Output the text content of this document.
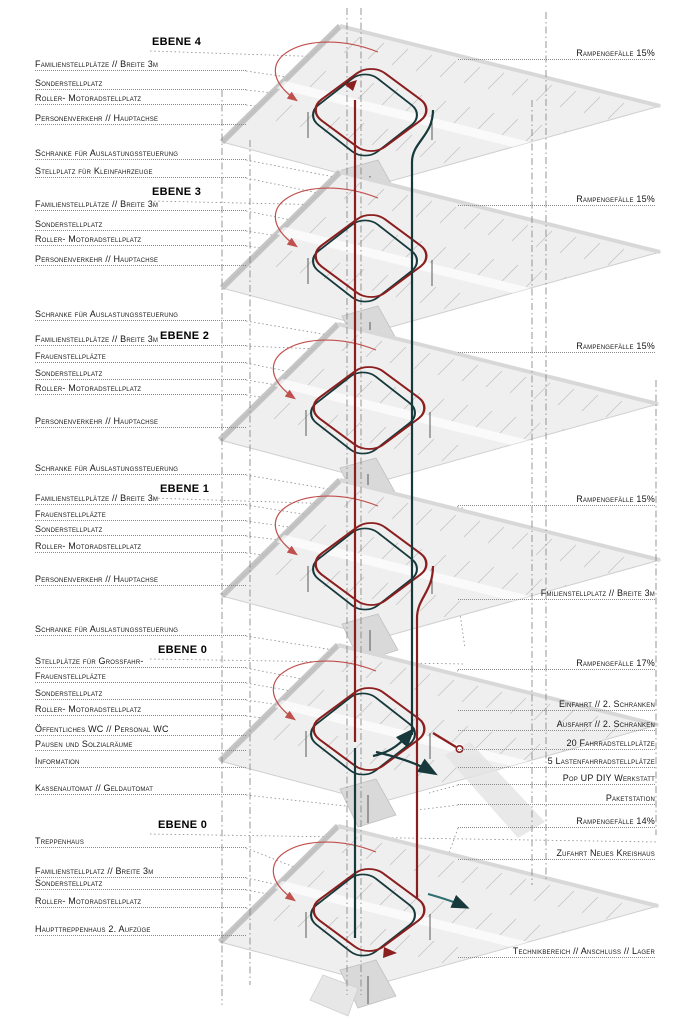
EBENE 4
EBENE 3
EBENE 2
EBENE 1
EBENE 0
EBENE 0
Familienstellplätze // Breite 3m
Sonderstellplatz
Roller- Motoradstellplatz
Personenverkehr // Hauptachse
Schranke für Auslastungssteuerung
Stellplatz für Kleinfahrzeuge
Familienstellplätze // Breite 3m
Sonderstellplatz
Roller- Motoradstellplatz
Personenverkehr // Hauptachse
Schranke für Auslastungssteuerung
Familienstellplätze // Breite 3m
Frauenstellpläzte
Sonderstellplatz
Roller- Motoradstellplatz
Personenverkehr // Hauptachse
Schranke für Auslastungssteuerung
Familienstellplätze // Breite 3m
Frauenstellpläzte
Sonderstellplatz
Roller- Motoradstellplatz
Personenverkehr // Hauptachse
Schranke für Auslastungssteuerung
Stellplätze für Grossfahr-
Frauenstellpläzte
Sonderstellplatz
Roller- Motoradstellplatz
Öffentliches WC // Personal WC
Pausen und Solzialräume
Information
Kassenautomat // Geldautomat
Treppenhaus
Familienstellplatz // Breite 3m
Sonderstellplatz
Roller- Motoradstellplatz
Haupttreppenhaus 2. Aufzüge
Rampengefälle 15%
Rampengefälle 15%
Rampengefälle 15%
Rampengefälle 15%
Fmilienstellplatz // Breite 3m
Rampengefälle 17%
Einfahrt // 2. Schranken
Ausfahrt // 2. Schranken
20 Fahrradstellplätze
5 Lastenfahrradstellplätze
Pop UP DIY Werkstatt
Paketstation
Rampengefälle 14%
Zufahrt Neues Kreishaus
Technikbereich // Anschluss // Lager
